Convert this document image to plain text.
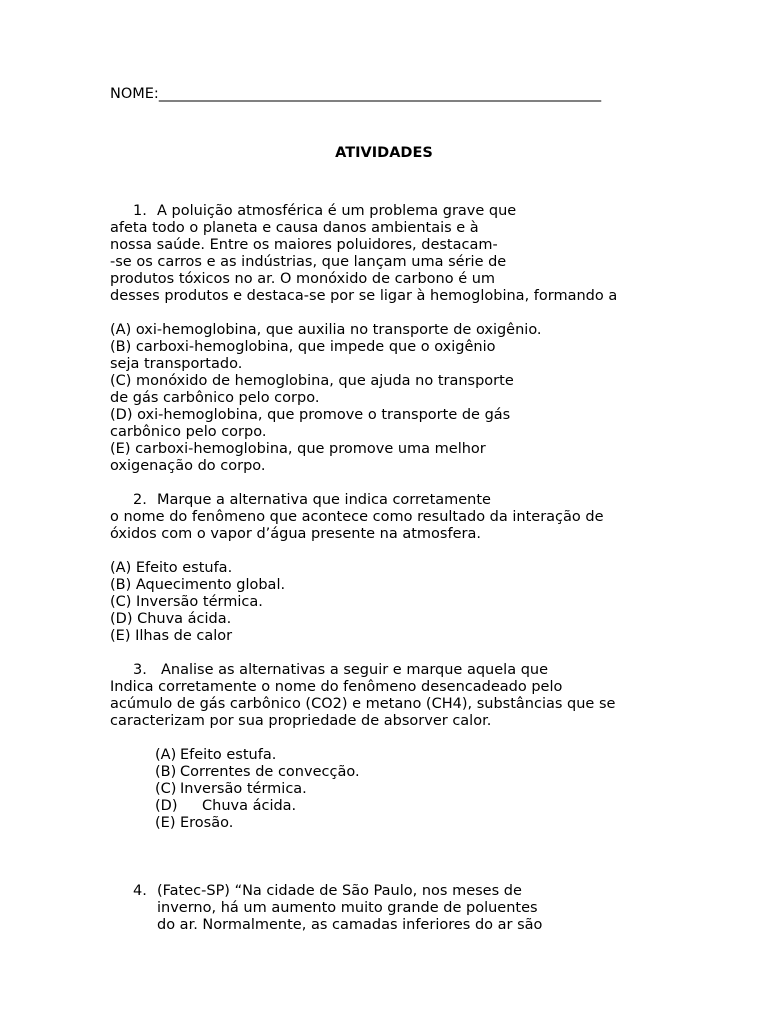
NOME:_____________________________________________________________
ATIVIDADES
1. A poluição atmosférica é um problema grave que
afeta todo o planeta e causa danos ambientais e à
nossa saúde. Entre os maiores poluidores, destacam-
-se os carros e as indústrias, que lançam uma série de
produtos tóxicos no ar. O monóxido de carbono é um
desses produtos e destaca-se por se ligar à hemoglobina, formando a
(A) oxi-hemoglobina, que auxilia no transporte de oxigênio.
(B) carboxi-hemoglobina, que impede que o oxigênio
seja transportado.
(C) monóxido de hemoglobina, que ajuda no transporte
de gás carbônico pelo corpo.
(D) oxi-hemoglobina, que promove o transporte de gás
carbônico pelo corpo.
(E) carboxi-hemoglobina, que promove uma melhor
oxigenação do corpo.
2. Marque a alternativa que indica corretamente
o nome do fenômeno que acontece como resultado da interação de
óxidos com o vapor d’água presente na atmosfera.
(A) Efeito estufa.
(B) Aquecimento global.
(C) Inversão térmica.
(D) Chuva ácida.
(E) Ilhas de calor
3. Analise as alternativas a seguir e marque aquela que
Indica corretamente o nome do fenômeno desencadeado pelo
acúmulo de gás carbônico (CO2) e metano (CH4), substâncias que se
caracterizam por sua propriedade de absorver calor.
(A) Efeito estufa.
(B) Correntes de convecção.
(C) Inversão térmica.
(D) Chuva ácida.
(E) Erosão.
4. (Fatec-SP) “Na cidade de São Paulo, nos meses de
inverno, há um aumento muito grande de poluentes
do ar. Normalmente, as camadas inferiores do ar são
